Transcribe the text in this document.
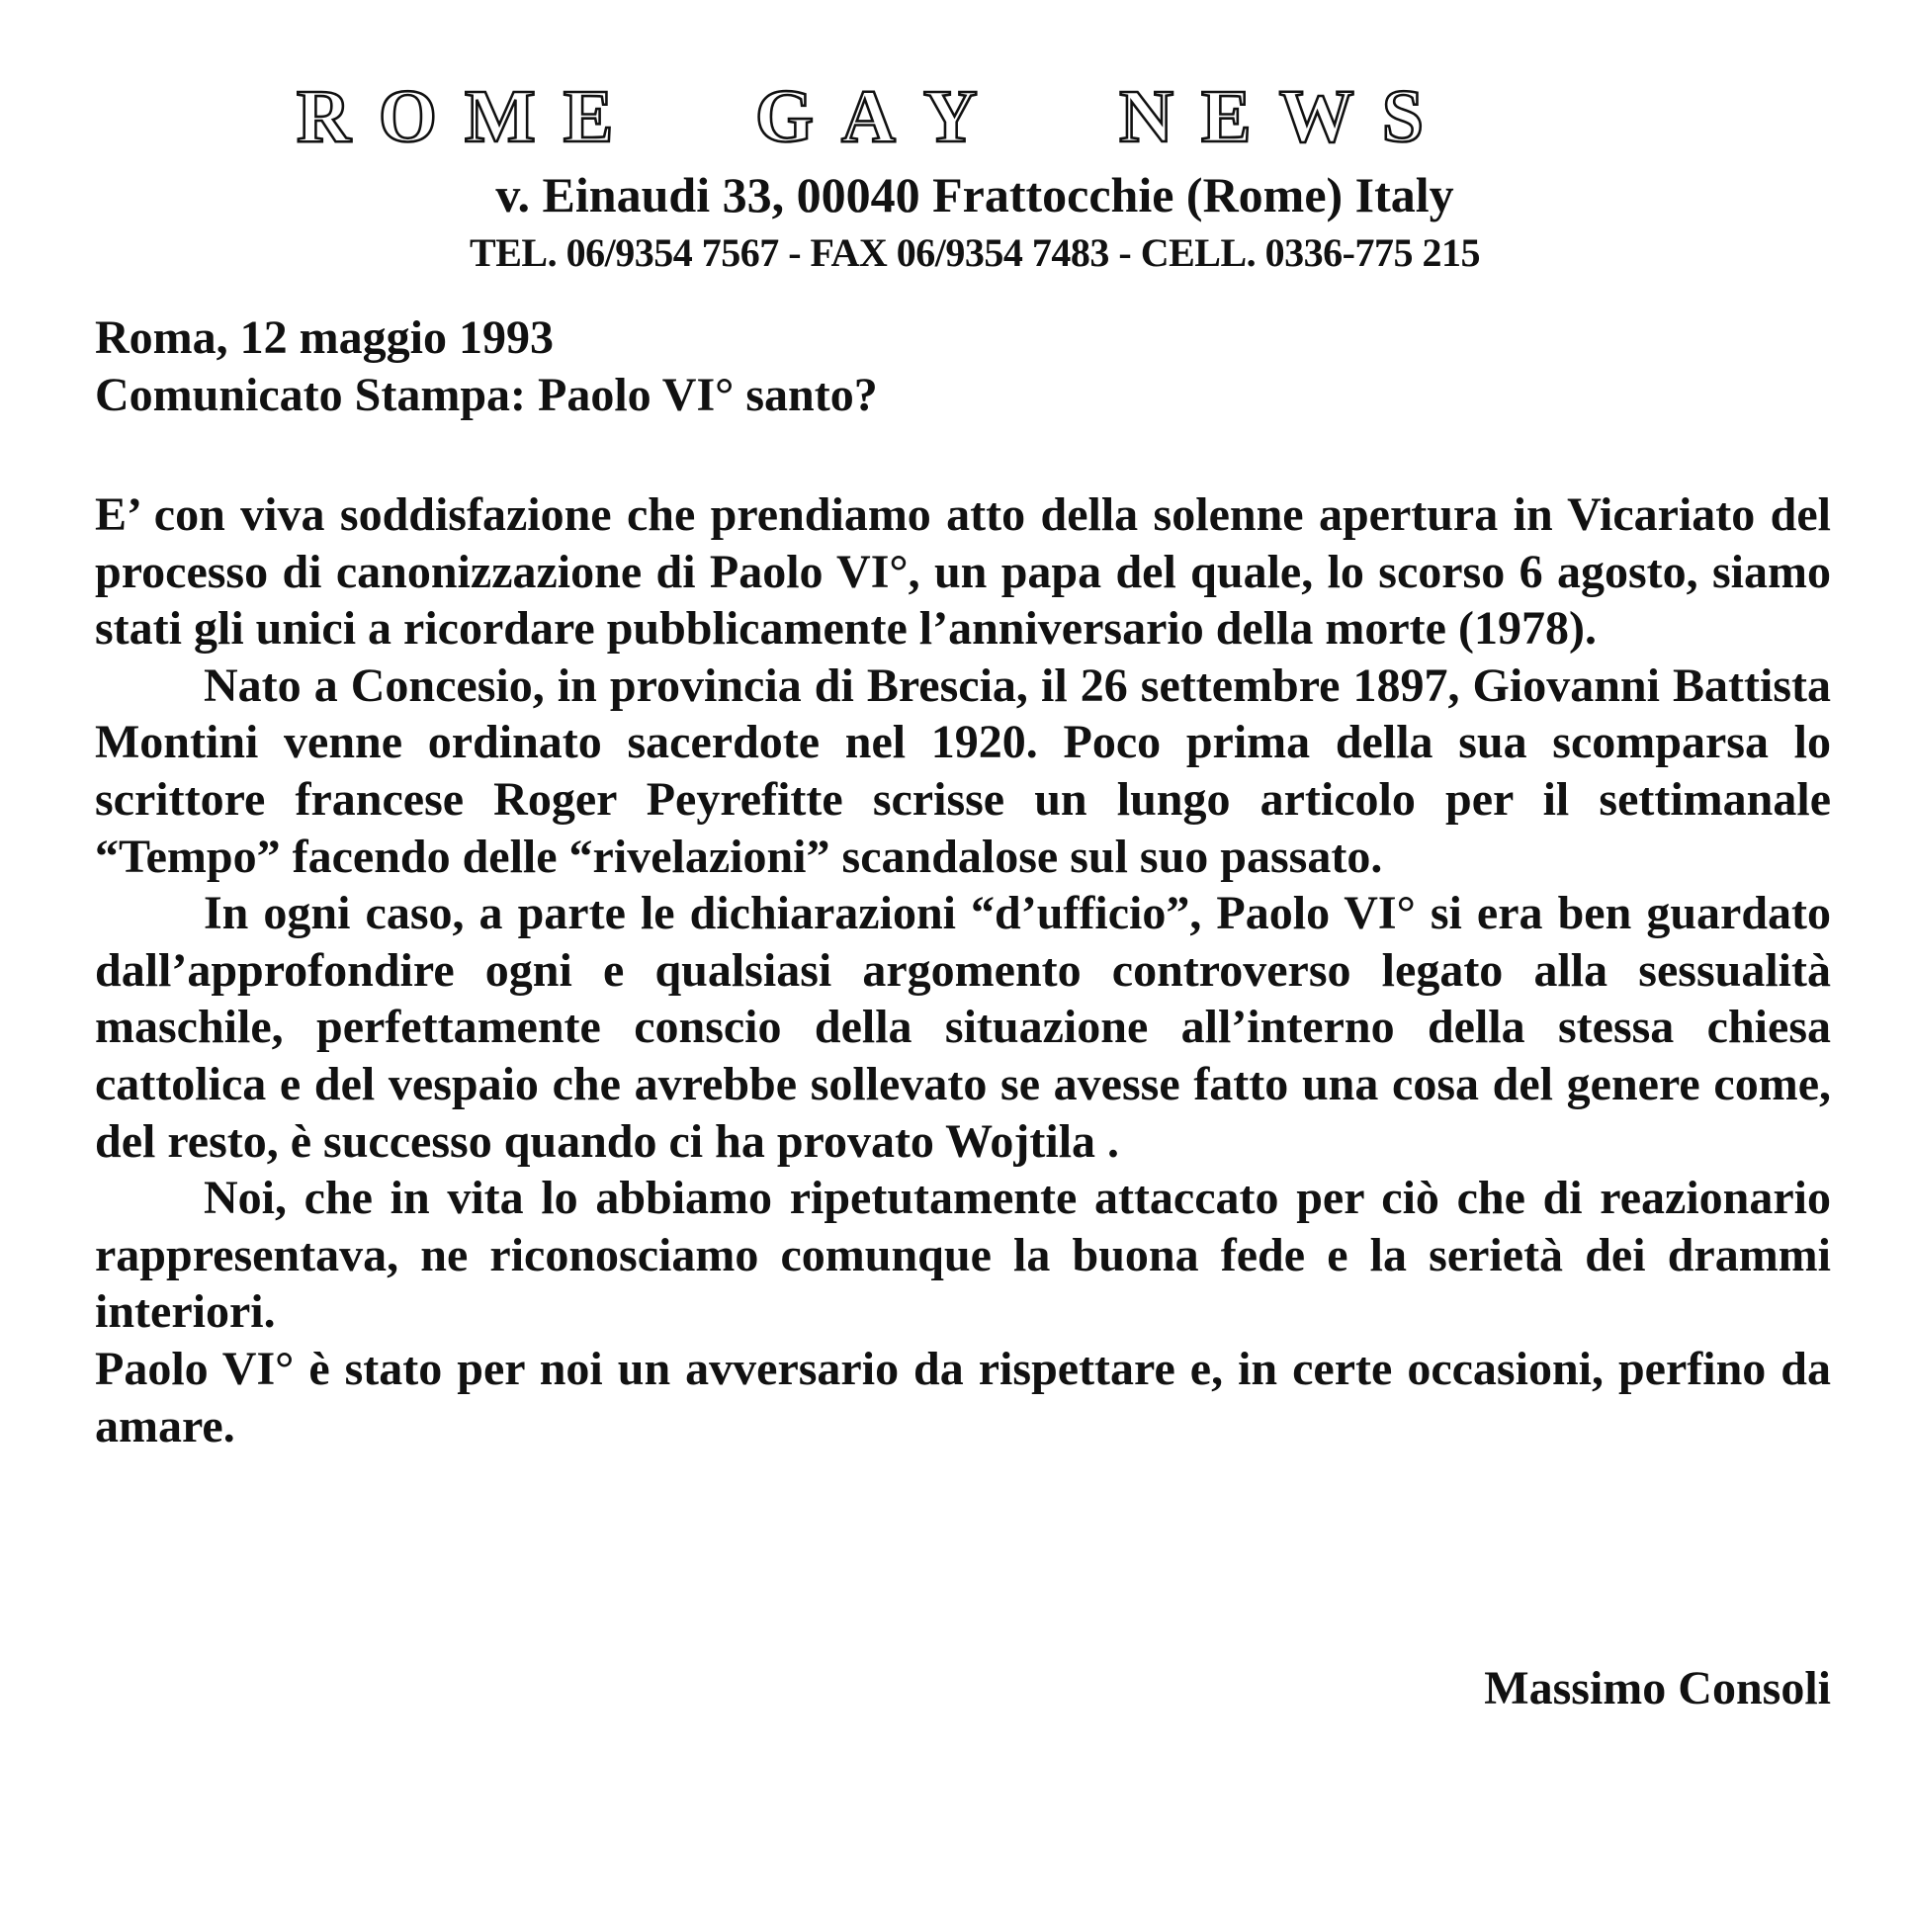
R O M E G A Y N E W S
v. Einaudi 33, 00040 Frattocchie (Rome) Italy
TEL. 06/9354 7567 - FAX 06/9354 7483 - CELL. 0336-775 215
Roma, 12 maggio 1993
Comunicato Stampa: Paolo VI° santo?

E’ con viva soddisfazione che prendiamo atto della solenne apertura in Vicariato del processo di canonizzazione di Paolo VI°, un papa del quale, lo scorso 6 agosto, siamo stati gli unici a ricordare pubblicamente l’anniversario della morte (1978).

Nato a Concesio, in provincia di Brescia, il 26 settembre 1897, Giovanni Battista Montini venne ordinato sacerdote nel 1920. Poco prima della sua scomparsa lo scrittore francese Roger Peyrefitte scrisse un lungo articolo per il settimanale “Tempo” facendo delle “rivelazioni” scandalose sul suo passato.

In ogni caso, a parte le dichiarazioni “d’ufficio”, Paolo VI° si era ben guardato dall’approfondire ogni e qualsiasi argomento controverso legato alla sessualità maschile, perfettamente conscio della situazione all’interno della stessa chiesa cattolica e del vespaio che avrebbe sollevato se avesse fatto una cosa del genere come, del resto, è successo quando ci ha provato Wojtila .

Noi, che in vita lo abbiamo ripetutamente attaccato per ciò che di reazionario rappresentava, ne riconosciamo comunque la buona fede e la serietà dei drammi interiori.

Paolo VI° è stato per noi un avversario da rispettare e, in certe occasioni, perfino da amare.

Massimo Consoli
